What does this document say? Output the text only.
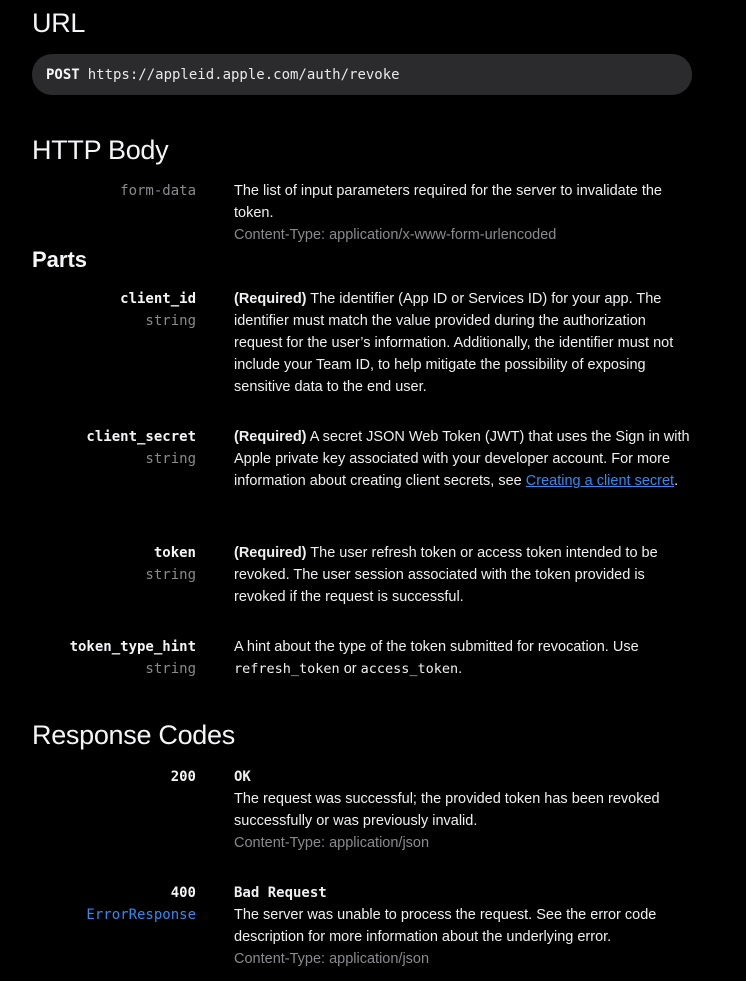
URL
POST https://appleid.apple.com/auth/revoke
HTTP Body
form-data	The list of input parameters required for the server to invalidate the token.
Content-Type: application/x-www-form-urlencoded
Parts
client_id
string
(Required) The identifier (App ID or Services ID) for your app. The identifier must match the value provided during the authorization request for the user’s information. Additionally, the identifier must not include your Team ID, to help mitigate the possibility of exposing sensitive data to the end user.
client_secret
string
(Required) A secret JSON Web Token (JWT) that uses the Sign in with Apple private key associated with your developer account. For more information about creating client secrets, see Creating a client secret.
token
string
(Required) The user refresh token or access token intended to be revoked. The user session associated with the token provided is revoked if the request is successful.
token_type_hint
string
A hint about the type of the token submitted for revocation. Use refresh_token or access_token.
Response Codes
200	OK
The request was successful; the provided token has been revoked successfully or was previously invalid.
Content-Type: application/json
400
ErrorResponse
Bad Request
The server was unable to process the request. See the error code description for more information about the underlying error.
Content-Type: application/json
